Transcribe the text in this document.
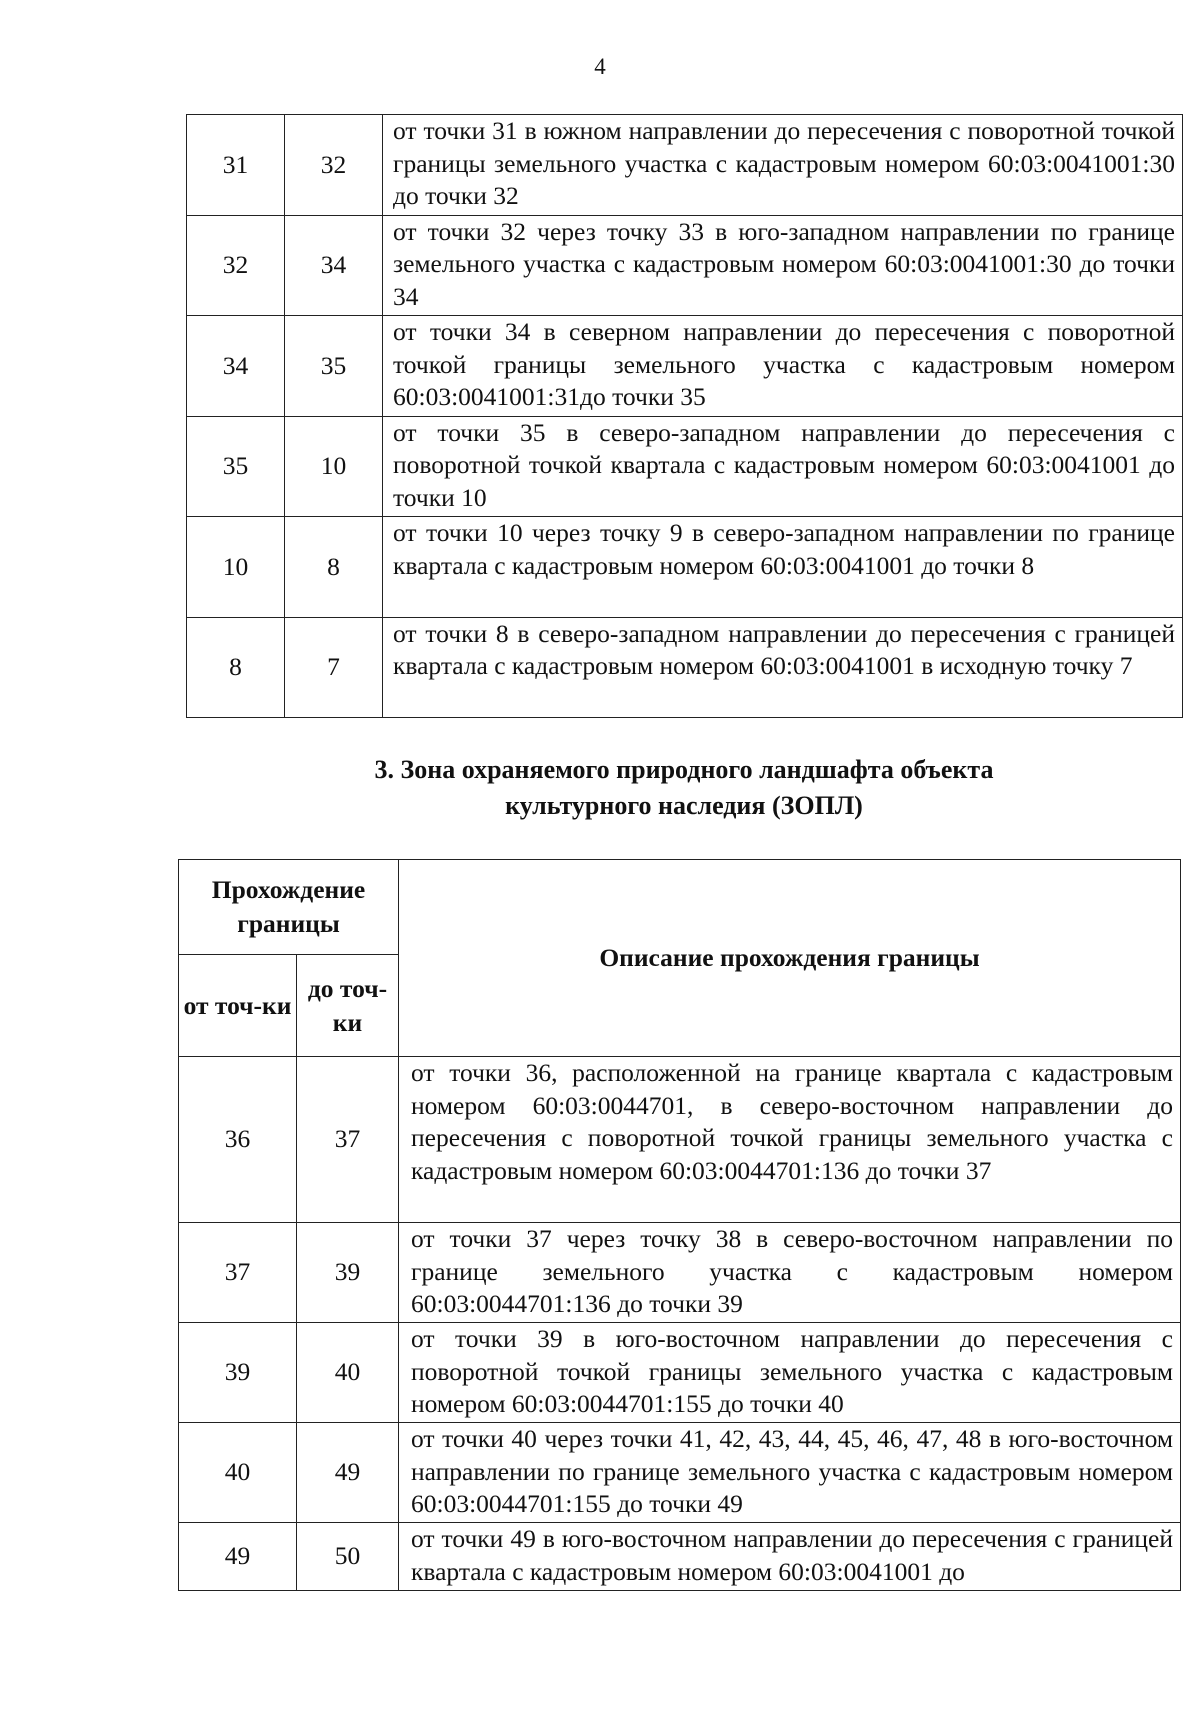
4
31	32	от точки 31 в южном направлении до пересечения с поворотной точкой границы земельного участка с кадастровым номером 60:03:0041001:30 до точки 32
32	34	от точки 32 через точку 33 в юго-западном направлении по границе земельного участка с кадастровым номером 60:03:0041001:30 до точки 34
34	35	от точки 34 в северном направлении до пересечения с поворотной точкой границы земельного участка с кадастровым номером 60:03:0041001:31до точки 35
35	10	от точки 35 в северо-западном направлении до пересечения с поворотной точкой квартала с кадастровым номером 60:03:0041001 до точки 10
10	8	от точки 10 через точку 9 в северо-западном направлении по границе квартала с кадастровым номером 60:03:0041001 до точки 8
8	7	от точки 8 в северо-западном направлении до пересечения с границей квартала с кадастровым номером 60:03:0041001 в исходную точку 7
3. Зона охраняемого природного ландшафта объекта
культурного наследия (ЗОПЛ)
Прохождение границы		Описание прохождения границы
от точ-ки	до точ-ки	
36	37	от точки 36, расположенной на границе квартала с кадастровым номером 60:03:0044701, в северо-восточном направлении до пересечения с поворотной точкой границы земельного участка с кадастровым номером 60:03:0044701:136 до точки 37
37	39	от точки 37 через точку 38 в северо-восточном направлении по границе земельного участка с кадастровым номером 60:03:0044701:136 до точки 39
39	40	от точки 39 в юго-восточном направлении до пересечения с поворотной точкой границы земельного участка с кадастровым номером 60:03:0044701:155 до точки 40
40	49	от точки 40 через точки 41, 42, 43, 44, 45, 46, 47, 48 в юго-восточном направлении по границе земельного участка с кадастровым номером 60:03:0044701:155 до точки 49
49	50	от точки 49 в юго-восточном направлении до пересечения с границей квартала с кадастровым номером 60:03:0041001 до
